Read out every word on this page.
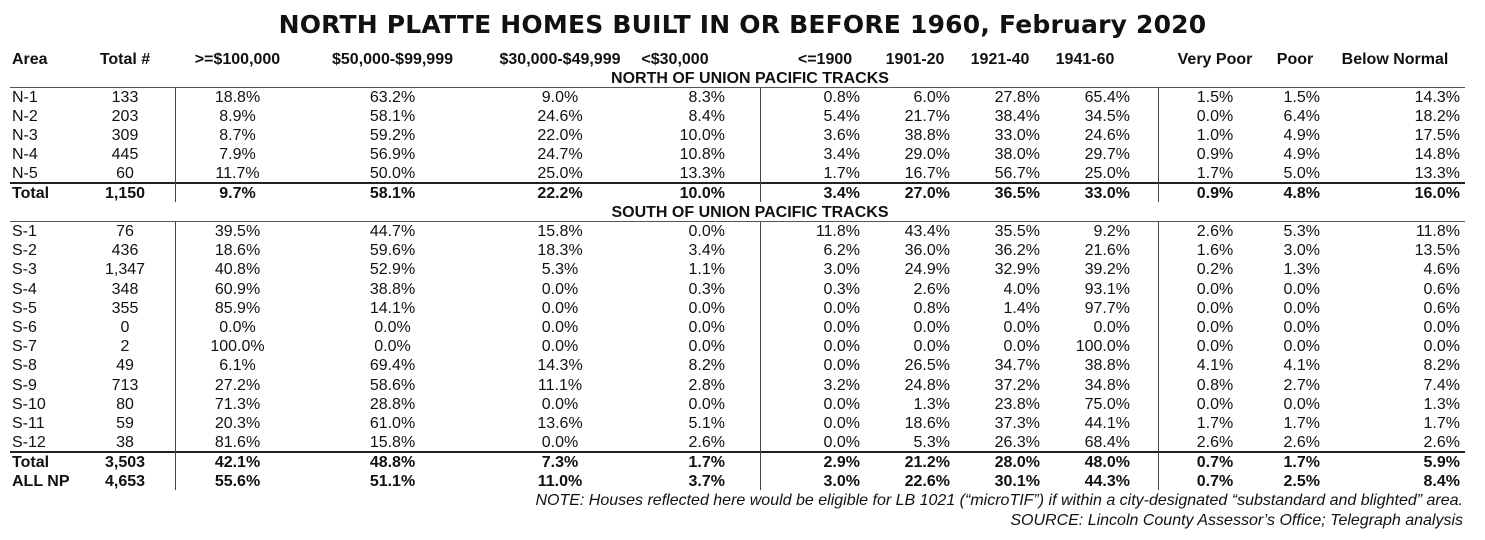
NORTH PLATTE HOMES BUILT IN OR BEFORE 1960, February 2020
Area	Total #	>=$100,000	$50,000-$99,999	$30,000-$49,999	<$30,000	<=1900	1901-20	1921-40	1941-60	Very Poor	Poor	Below Normal
N-1	133	18.8%	63.2%	9.0%	8.3%	0.8%	6.0%	27.8%	65.4%	1.5%	1.5%	14.3%
N-2	203	8.9%	58.1%	24.6%	8.4%	5.4%	21.7%	38.4%	34.5%	0.0%	6.4%	18.2%
N-3	309	8.7%	59.2%	22.0%	10.0%	3.6%	38.8%	33.0%	24.6%	1.0%	4.9%	17.5%
N-4	445	7.9%	56.9%	24.7%	10.8%	3.4%	29.0%	38.0%	29.7%	0.9%	4.9%	14.8%
N-5	60	11.7%	50.0%	25.0%	13.3%	1.7%	16.7%	56.7%	25.0%	1.7%	5.0%	13.3%
Total	1,150	9.7%	58.1%	22.2%	10.0%	3.4%	27.0%	36.5%	33.0%	0.9%	4.8%	16.0%
S-1	76	39.5%	44.7%	15.8%	0.0%	11.8%	43.4%	35.5%	9.2%	2.6%	5.3%	11.8%
S-2	436	18.6%	59.6%	18.3%	3.4%	6.2%	36.0%	36.2%	21.6%	1.6%	3.0%	13.5%
S-3	1,347	40.8%	52.9%	5.3%	1.1%	3.0%	24.9%	32.9%	39.2%	0.2%	1.3%	4.6%
S-4	348	60.9%	38.8%	0.0%	0.3%	0.3%	2.6%	4.0%	93.1%	0.0%	0.0%	0.6%
S-5	355	85.9%	14.1%	0.0%	0.0%	0.0%	0.8%	1.4%	97.7%	0.0%	0.0%	0.6%
S-6	0	0.0%	0.0%	0.0%	0.0%	0.0%	0.0%	0.0%	0.0%	0.0%	0.0%	0.0%
S-7	2	100.0%	0.0%	0.0%	0.0%	0.0%	0.0%	0.0%	100.0%	0.0%	0.0%	0.0%
S-8	49	6.1%	69.4%	14.3%	8.2%	0.0%	26.5%	34.7%	38.8%	4.1%	4.1%	8.2%
S-9	713	27.2%	58.6%	11.1%	2.8%	3.2%	24.8%	37.2%	34.8%	0.8%	2.7%	7.4%
S-10	80	71.3%	28.8%	0.0%	0.0%	0.0%	1.3%	23.8%	75.0%	0.0%	0.0%	1.3%
S-11	59	20.3%	61.0%	13.6%	5.1%	0.0%	18.6%	37.3%	44.1%	1.7%	1.7%	1.7%
S-12	38	81.6%	15.8%	0.0%	2.6%	0.0%	5.3%	26.3%	68.4%	2.6%	2.6%	2.6%
Total	3,503	42.1%	48.8%	7.3%	1.7%	2.9%	21.2%	28.0%	48.0%	0.7%	1.7%	5.9%
ALL NP	4,653	55.6%	51.1%	11.0%	3.7%	3.0%	22.6%	30.1%	44.3%	0.7%	2.5%	8.4%
NORTH OF UNION PACIFIC TRACKS
SOUTH OF UNION PACIFIC TRACKS
NOTE: Houses reflected here would be eligible for LB 1021 (“microTIF”) if within a city-designated “substandard and blighted” area.
SOURCE: Lincoln County Assessor’s Office; Telegraph analysis
